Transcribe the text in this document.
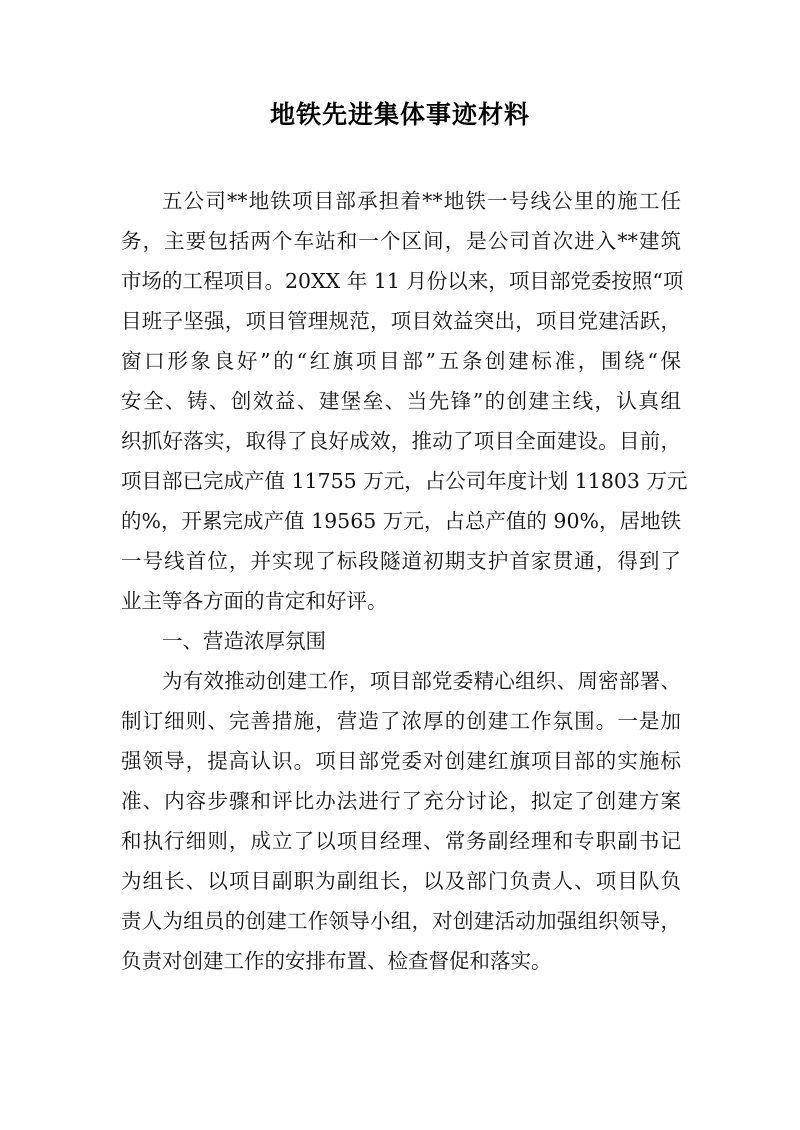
地铁先进集体事迹材料
五公司**地铁项目部承担着**地铁一号线公里的施工任
务，主要包括两个车站和一个区间，是公司首次进入**建筑
市场的工程项目。20XX 年 11 月份以来，项目部党委按照“项
目班子坚强，项目管理规范，项目效益突出，项目党建活跃，
窗口形象良好”的“红旗项目部”五条创建标准，围绕“保
安全、铸、创效益、建堡垒、当先锋”的创建主线，认真组
织抓好落实，取得了良好成效，推动了项目全面建设。目前，
项目部已完成产值 11755 万元，占公司年度计划 11803 万元
的%，开累完成产值 19565 万元，占总产值的 90%，居地铁
一号线首位，并实现了标段隧道初期支护首家贯通，得到了
业主等各方面的肯定和好评。
一、营造浓厚氛围
为有效推动创建工作，项目部党委精心组织、周密部署、
制订细则、完善措施，营造了浓厚的创建工作氛围。一是加
强领导，提高认识。项目部党委对创建红旗项目部的实施标
准、内容步骤和评比办法进行了充分讨论，拟定了创建方案
和执行细则，成立了以项目经理、常务副经理和专职副书记
为组长、以项目副职为副组长，以及部门负责人、项目队负
责人为组员的创建工作领导小组，对创建活动加强组织领导，
负责对创建工作的安排布置、检查督促和落实。
